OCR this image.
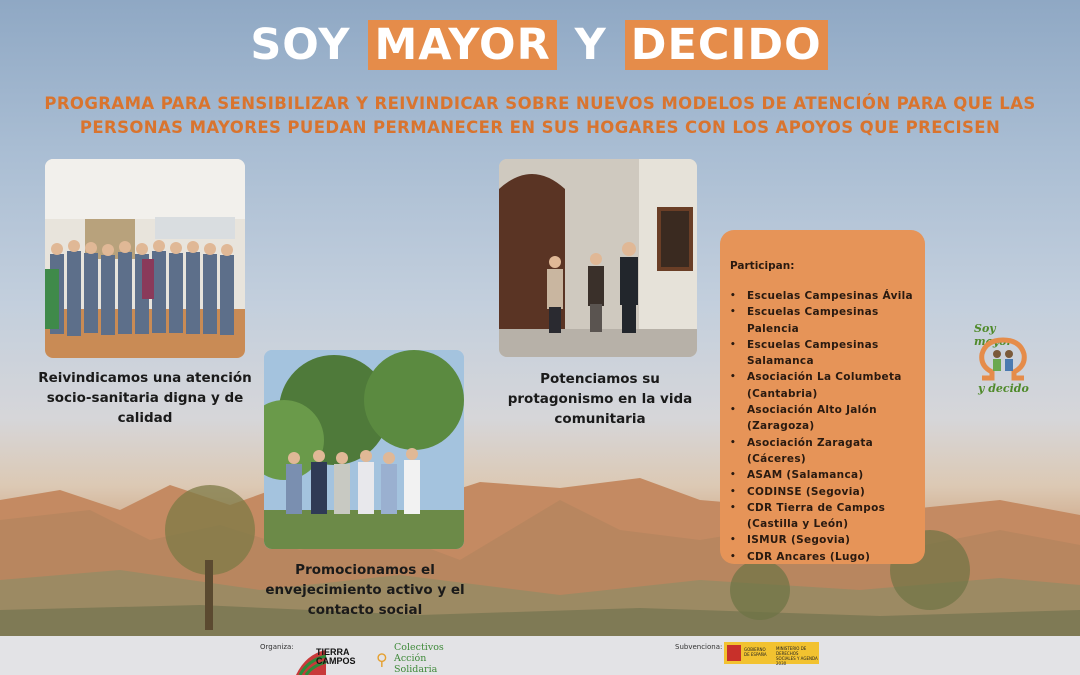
SOY MAYOR Y DECIDO
PROGRAMA PARA SENSIBILIZAR Y REIVINDICAR SOBRE NUEVOS MODELOS DE ATENCIÓN PARA QUE LAS
PERSONAS MAYORES PUEDAN PERMANECER EN SUS HOGARES CON LOS APOYOS QUE PRECISEN
Reivindicamos una atención
socio-sanitaria digna y de
calidad
Promocionamos el
envejecimiento activo y el
contacto social
Potenciamos su
protagonismo en la vida
comunitaria
Participan:
• Escuelas Campesinas Ávila
• Escuelas Campesinas Palencia
• Escuelas Campesinas
Salamanca
• Asociación La Columbeta
(Cantabria)
• Asociación Alto Jalón
(Zaragoza)
• Asociación Zaragata (Cáceres)
• ASAM (Salamanca)
• CODINSE (Segovia)
• CDR Tierra de Campos
(Castilla y León)
• ISMUR (Segovia)
• CDR Ancares (Lugo)
Soy mayor
y decido
Organiza: TIERRA
CAMPOS ⚲
Colectivos
Acción
Solidaria
Subvenciona:	GOBIERNO DE ESPAÑA
MINISTERIO DE DERECHOS SOCIALES Y AGENDA 2030
